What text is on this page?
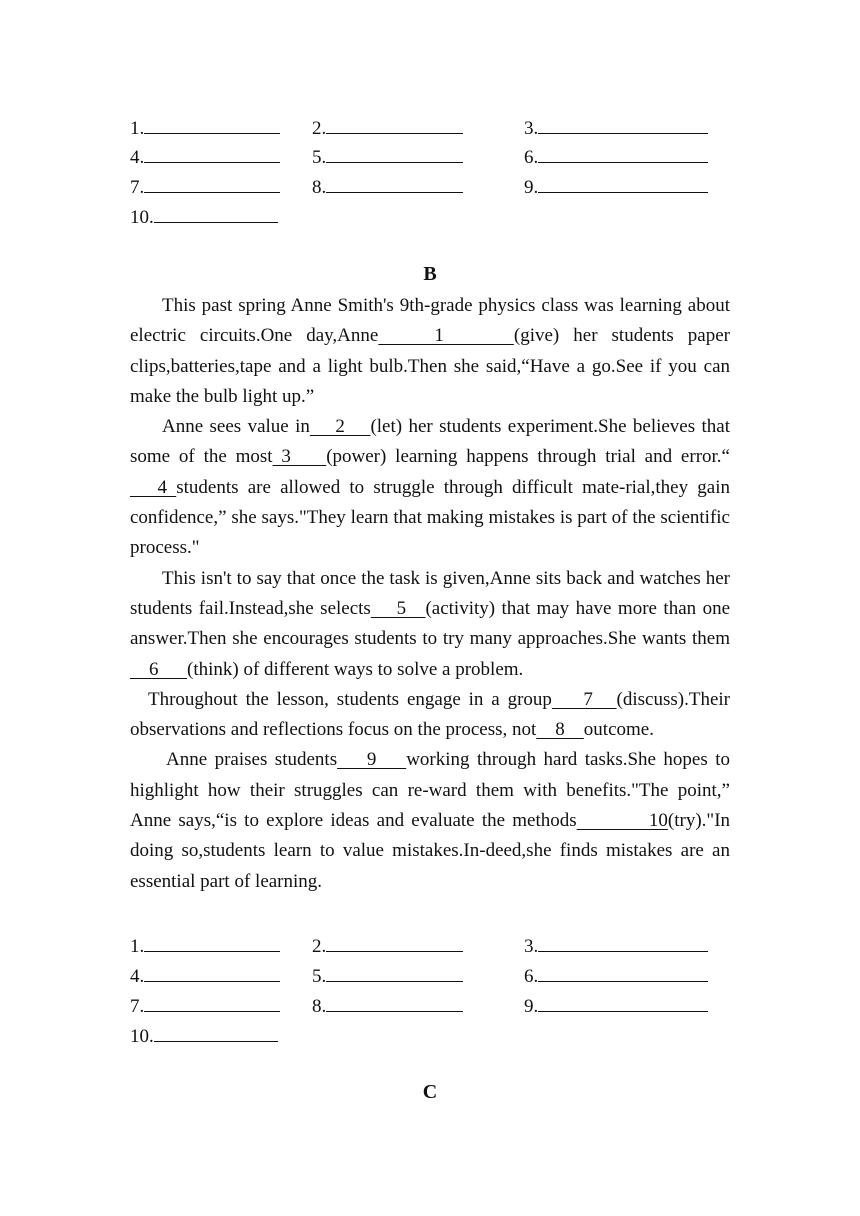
1.	2.	3.
4.	5.	6.
7.	8.	9.
10.
B

This past spring Anne Smith's 9th-grade physics class was learning about electric circuits.One day,Anne    1     (give) her students paper clips,batteries,tape and a light bulb.Then she said,“Have a go.See if you can make the bulb light up.”

Anne sees value in    2    (let) her students experiment.She believes that some of the most 3    (power) learning happens through trial and error.“   4 students are allowed to struggle through difficult mate-rial,they gain confidence,” she says."They learn that making mistakes is part of the scientific process."

This isn't to say that once the task is given,Anne sits back and watches her students fail.Instead,she selects    5   (activity) that may have more than one answer.Then she encourages students to try many approaches.She wants them    6      (think) of different ways to solve a problem.

Throughout the lesson, students engage in a group    7   (discuss).Their observations and reflections focus on the process, not    8    outcome.

Anne praises students    9    working through hard tasks.She hopes to highlight how their struggles can re-ward them with benefits."The point,” Anne says,“is to explore ideas and evaluate the methods          10(try)."In doing so,students learn to value mistakes.In-deed,she finds mistakes are an essential part of learning.

1.	2.	3.
4.	5.	6.
7.	8.	9.
10.
C
